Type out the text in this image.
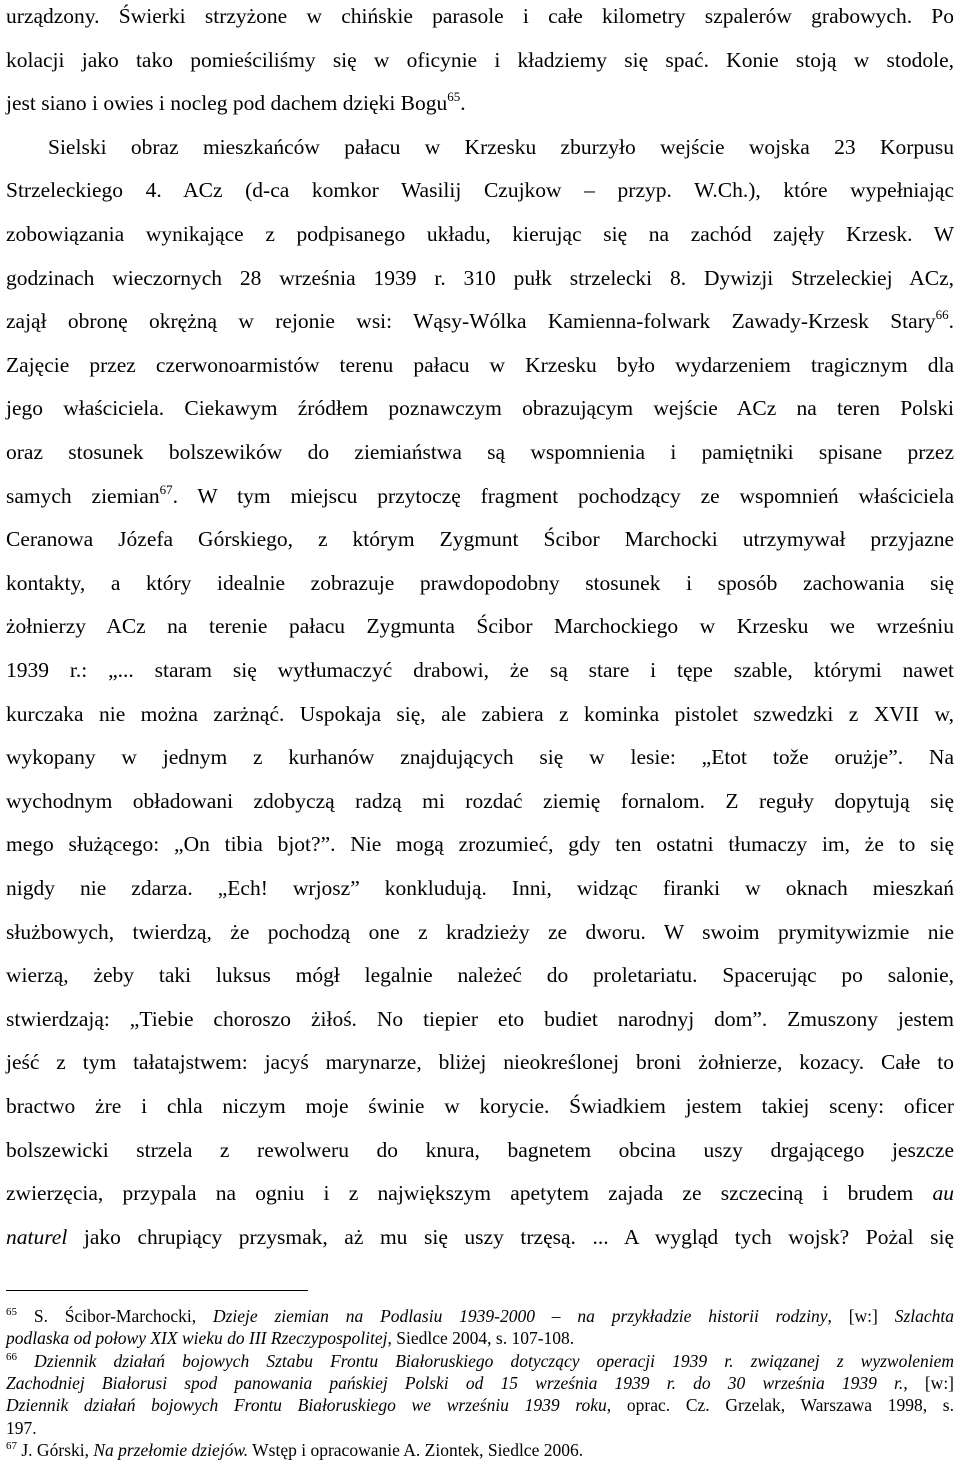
urządzony. Świerki strzyżone w chińskie parasole i całe kilometry szpalerów grabowych. Po
kolacji jako tako pomieściliśmy się w oficynie i kładziemy się spać. Konie stoją w stodole,
jest siano i owies i nocleg pod dachem dzięki Bogu$^{65}$.
Sielski obraz mieszkańców pałacu w Krzesku zburzyło wejście wojska 23 Korpusu
Strzeleckiego 4. ACz (d-ca komkor Wasilij Czujkow – przyp. W.Ch.), które wypełniając
zobowiązania wynikające z podpisanego układu, kierując się na zachód zajęły Krzesk. W
godzinach wieczornych 28 września 1939 r. 310 pułk strzelecki 8. Dywizji Strzeleckiej ACz,
zajął obronę okrężną w rejonie wsi: Wąsy-Wólka Kamienna-folwark Zawady-Krzesk Stary$^{66}$.
Zajęcie przez czerwonoarmistów terenu pałacu w Krzesku było wydarzeniem tragicznym dla
jego właściciela. Ciekawym źródłem poznawczym obrazującym wejście ACz na teren Polski
oraz stosunek bolszewików do ziemiaństwa są wspomnienia i pamiętniki spisane przez
samych ziemian$^{67}$. W tym miejscu przytoczę fragment pochodzący ze wspomnień właściciela
Ceranowa Józefa Górskiego, z którym Zygmunt Ścibor Marchocki utrzymywał przyjazne
kontakty, a który idealnie zobrazuje prawdopodobny stosunek i sposób zachowania się
żołnierzy ACz na terenie pałacu Zygmunta Ścibor Marchockiego w Krzesku we wrześniu
1939 r.: „... staram się wytłumaczyć drabowi, że są stare i tępe szable, którymi nawet
kurczaka nie można zarżnąć. Uspokaja się, ale zabiera z kominka pistolet szwedzki z XVII w,
wykopany w jednym z kurhanów znajdujących się w lesie: „Etot tože orużje”. Na
wychodnym obładowani zdobyczą radzą mi rozdać ziemię fornalom. Z reguły dopytują się
mego służącego: „On tibia bjot?”. Nie mogą zrozumieć, gdy ten ostatni tłumaczy im, że to się
nigdy nie zdarza. „Ech! wrjosz” konkludują. Inni, widząc firanki w oknach mieszkań
służbowych, twierdzą, że pochodzą one z kradzieży ze dworu. W swoim prymitywizmie nie
wierzą, żeby taki luksus mógł legalnie należeć do proletariatu. Spacerując po salonie,
stwierdzają: „Tiebie choroszo żiłoś. No tiepier eto budiet narodnyj dom”. Zmuszony jestem
jeść z tym tałatajstwem: jacyś marynarze, bliżej nieokreślonej broni żołnierze, kozacy. Całe to
bractwo żre i chla niczym moje świnie w korycie. Świadkiem jestem takiej sceny: oficer
bolszewicki strzela z rewolweru do knura, bagnetem obcina uszy drgającego jeszcze
zwierzęcia, przypala na ogniu i z największym apetytem zajada ze szczeciną i brudem au
naturel jako chrupiący przysmak, aż mu się uszy trzęsą. ... A wygląd tych wojsk? Pożal się
$^{65}$ S. Ścibor-Marchocki, Dzieje ziemian na Podlasiu 1939-2000 – na przykładzie historii rodziny, [w:] Szlachta
podlaska od połowy XIX wieku do III Rzeczypospolitej, Siedlce 2004, s. 107-108.
$^{66}$ Dziennik działań bojowych Sztabu Frontu Białoruskiego dotyczący operacji 1939 r. związanej z wyzwoleniem
Zachodniej Białorusi spod panowania pańskiej Polski od 15 września 1939 r. do 30 września 1939 r., [w:]
Dziennik działań bojowych Frontu Białoruskiego we wrześniu 1939 roku, oprac. Cz. Grzelak, Warszawa 1998, s.
197.
$^{67}$ J. Górski, Na przełomie dziejów. Wstęp i opracowanie A. Ziontek, Siedlce 2006.
